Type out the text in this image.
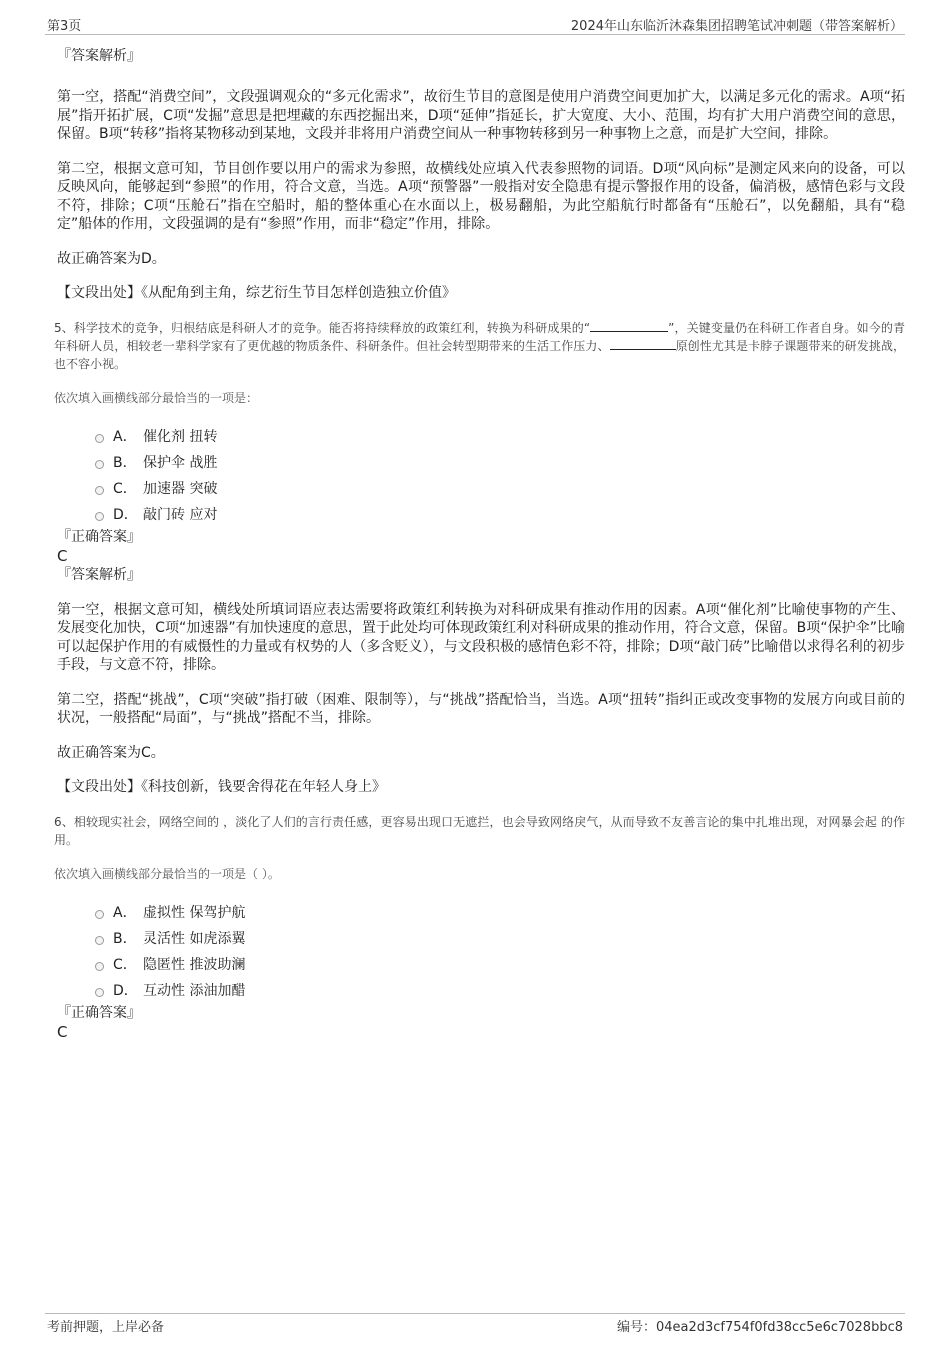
第3页	2024年山东临沂沐森集团招聘笔试冲刺题（带答案解析）

『答案解析』

第一空，搭配“消费空间”，文段强调观众的“多元化需求”，故衍生节目的意图是使用户消费空间更加扩大，以满足多元化的需求。A项“拓展”指开拓扩展，C项“发掘”意思是把埋藏的东西挖掘出来，D项“延伸”指延长，扩大宽度、大小、范围，均有扩大用户消费空间的意思，保留。B项“转移”指将某物移动到某地，文段并非将用户消费空间从一种事物转移到另一种事物上之意，而是扩大空间，排除。

第二空，根据文意可知，节目创作要以用户的需求为参照，故横线处应填入代表参照物的词语。D项“风向标”是测定风来向的设备，可以反映风向，能够起到“参照”的作用，符合文意，当选。A项“预警器”一般指对安全隐患有提示警报作用的设备，偏消极，感情色彩与文段不符，排除；C项“压舱石”指在空船时，船的整体重心在水面以上，极易翻船，为此空船航行时都备有“压舱石”，以免翻船，具有“稳定”船体的作用，文段强调的是有“参照”作用，而非“稳定”作用，排除。

故正确答案为D。

【文段出处】《从配角到主角，综艺衍生节目怎样创造独立价值》

5、科学技术的竞争，归根结底是科研人才的竞争。能否将持续释放的政策红利，转换为科研成果的“	”，关键变量仍在科研工作者自身。如今的青年科研人员，相较老一辈科学家有了更优越的物质条件、科研条件。但社会转型期带来的生活工作压力、	原创性尤其是卡脖子课题带来的研发挑战，也不容小视。

依次填入画横线部分最恰当的一项是：

A． 催化剂 扭转
B． 保护伞 战胜
C． 加速器 突破
D． 敲门砖 应对

『正确答案』

C

『答案解析』

第一空，根据文意可知，横线处所填词语应表达需要将政策红利转换为对科研成果有推动作用的因素。A项“催化剂”比喻使事物的产生、发展变化加快，C项“加速器”有加快速度的意思，置于此处均可体现政策红利对科研成果的推动作用，符合文意，保留。B项“保护伞”比喻可以起保护作用的有威慑性的力量或有权势的人（多含贬义），与文段积极的感情色彩不符，排除；D项“敲门砖”比喻借以求得名利的初步手段，与文意不符，排除。

第二空，搭配“挑战”，C项“突破”指打破（困难、限制等），与“挑战”搭配恰当，当选。A项“扭转”指纠正或改变事物的发展方向或目前的状况，一般搭配“局面”，与“挑战”搭配不当，排除。

故正确答案为C。

【文段出处】《科技创新，钱要舍得花在年轻人身上》

6、相较现实社会，网络空间的 ，淡化了人们的言行责任感，更容易出现口无遮拦，也会导致网络戾气，从而导致不友善言论的集中扎堆出现，对网暴会起 的作用。

依次填入画横线部分最恰当的一项是（ ）。

A． 虚拟性 保驾护航
B． 灵活性 如虎添翼
C． 隐匿性 推波助澜
D． 互动性 添油加醋

『正确答案』

C

考前押题，上岸必备	编号：04ea2d3cf754f0fd38cc5e6c7028bbc8
